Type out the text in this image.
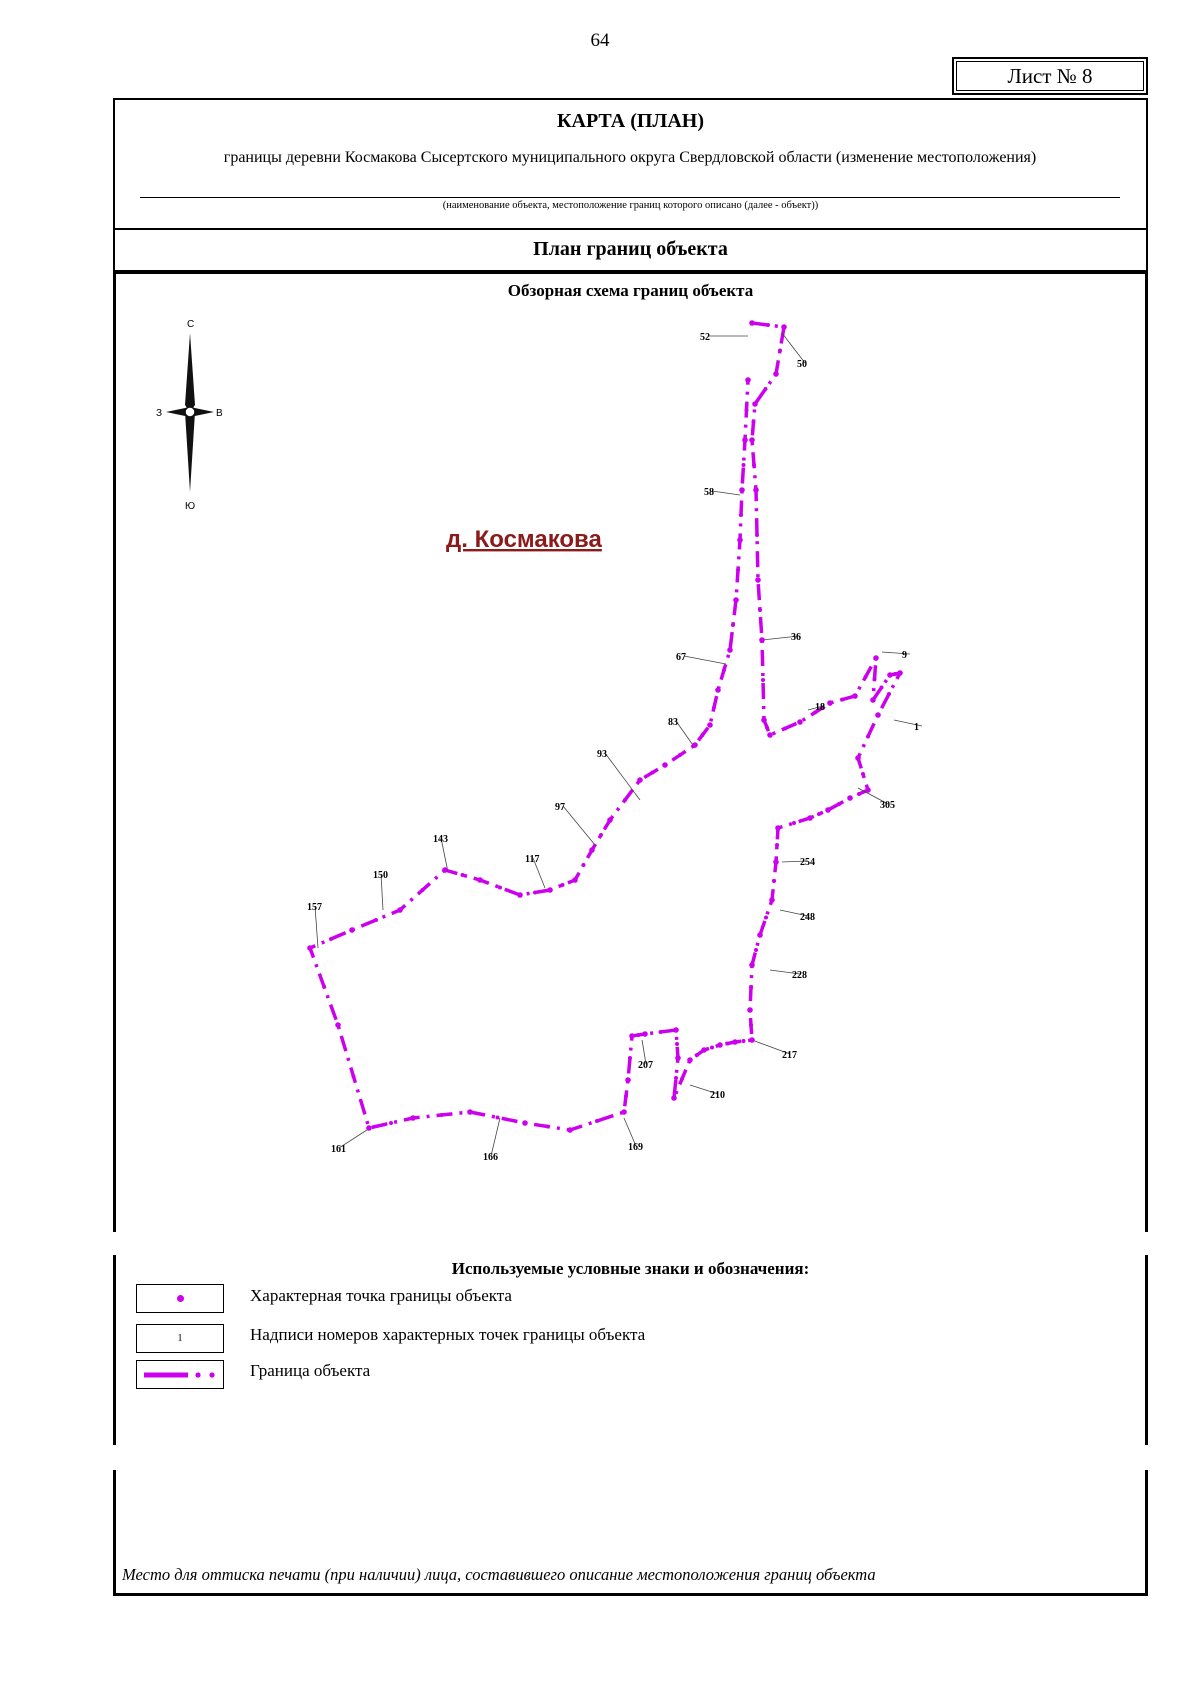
64
Лист № 8
КАРТА (ПЛАН)
границы деревни Космакова Сысертского муниципального округа Свердловской области (изменение местоположения)
(наименование объекта, местоположение границ которого описано (далее - объект))
План границ объекта
Обзорная схема границ объекта
С
Ю
З	В
д. Космакова
52
50
58
36
67	9
18
83	1
93
305
97
143
117	254
150
157
248
228
217
207
210
169
161
166
Используемые условные знаки и обозначения:
Характерная точка границы объекта
1	Надписи номеров характерных точек границы объекта
Граница объекта
Место для оттиска печати (при наличии) лица, составившего описание местоположения границ объекта
